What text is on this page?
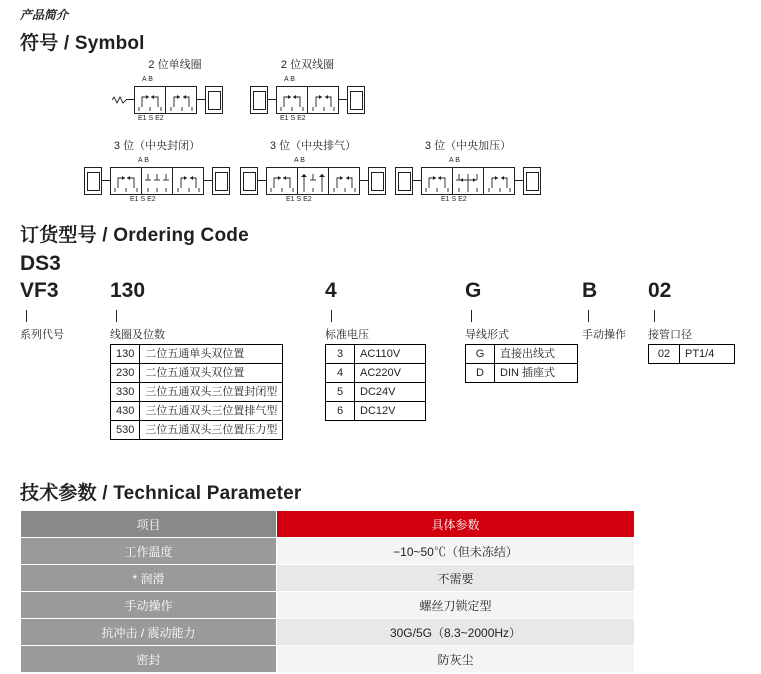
产品简介
符号 / Symbol
2 位单线圈
A B
E1 S E2
2 位双线圈
A B
E1 S E2
3 位（中央封闭）
A B
E1 S E2
3 位（中央排气）
A B
E1 S E2
3 位（中央加压）
A B
E1 S E2
订货型号 / Ordering Code
DS3
VF3 130	4	G	B 02
系列代号	线圈及位数	标准电压	导线形式	手动操作 接管口径
130	二位五通单头双位置
230	二位五通双头双位置
330	三位五通双头三位置封闭型
430	三位五通双头三位置排气型
530	三位五通双头三位置压力型
3	AC110V
4	AC220V
5	DC24V
6	DC12V
G	直接出线式
D	DIN 插座式
02	PT1/4
技术参数 / Technical Parameter
项目	具体参数
工作温度	−10~50℃（但未冻结）
* 润滑	不需要
手动操作	螺丝刀锁定型
抗冲击 / 震动能力	30G/5G（8.3~2000Hz）
密封	防灰尘
